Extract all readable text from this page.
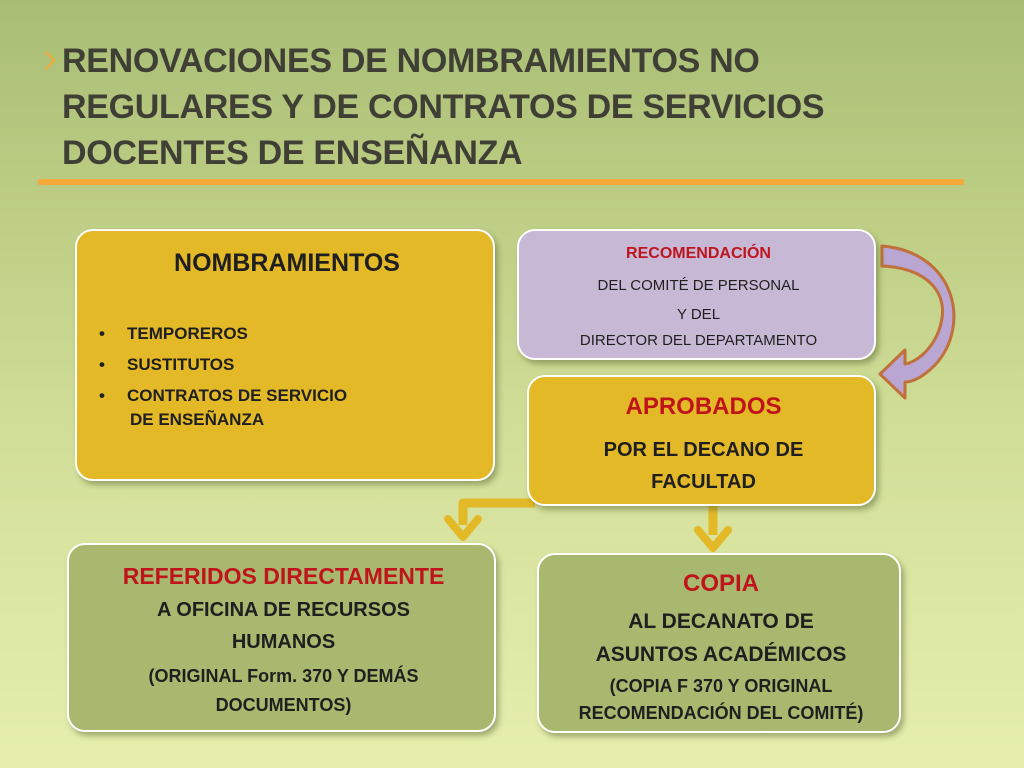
RENOVACIONES DE NOMBRAMIENTOS NO REGULARES Y DE CONTRATOS DE SERVICIOS DOCENTES DE ENSEÑANZA
NOMBRAMIENTOS
• TEMPOREROS
• SUSTITUTOS
• CONTRATOS DE SERVICIO
DE ENSEÑANZA
RECOMENDACIÓN
DEL COMITÉ DE PERSONAL
Y DEL
DIRECTOR DEL DEPARTAMENTO
APROBADOS
POR EL DECANO DE
FACULTAD
REFERIDOS DIRECTAMENTE
A OFICINA DE RECURSOS
HUMANOS
(ORIGINAL Form. 370 Y DEMÁS
DOCUMENTOS)
COPIA
AL DECANATO DE
ASUNTOS ACADÉMICOS
(COPIA F 370 Y ORIGINAL
RECOMENDACIÓN DEL COMITÉ)
